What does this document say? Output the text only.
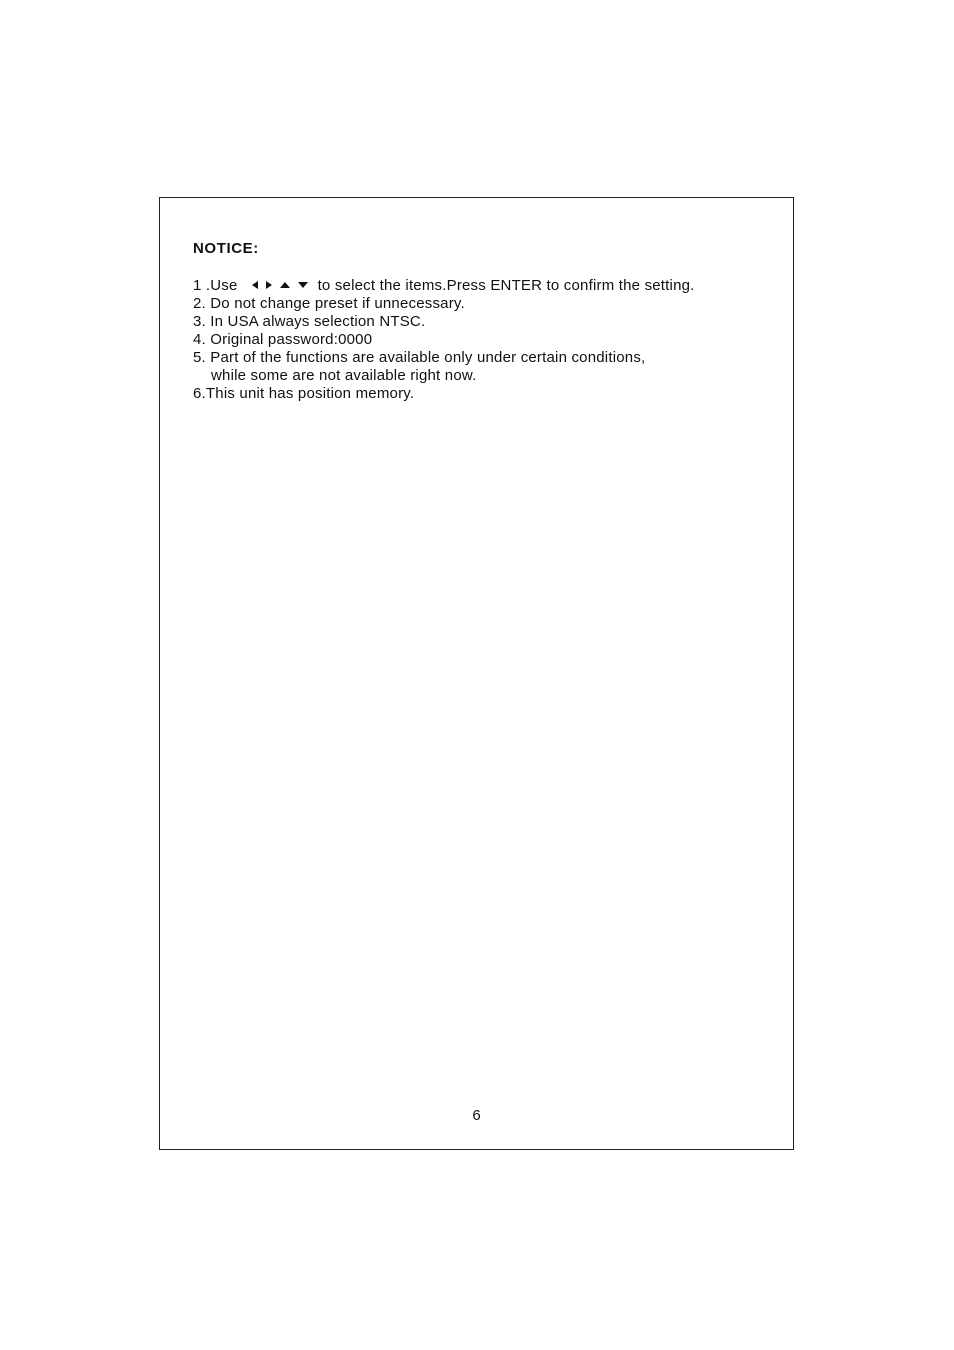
NOTICE:
1 .Use	to select the items.Press ENTER to confirm the setting.
2. Do not change preset if unnecessary.
3. In USA always selection NTSC.
4. Original password:0000
5. Part of the functions are available only under certain conditions,
while some are not available right now.
6.This unit has position memory.
6
